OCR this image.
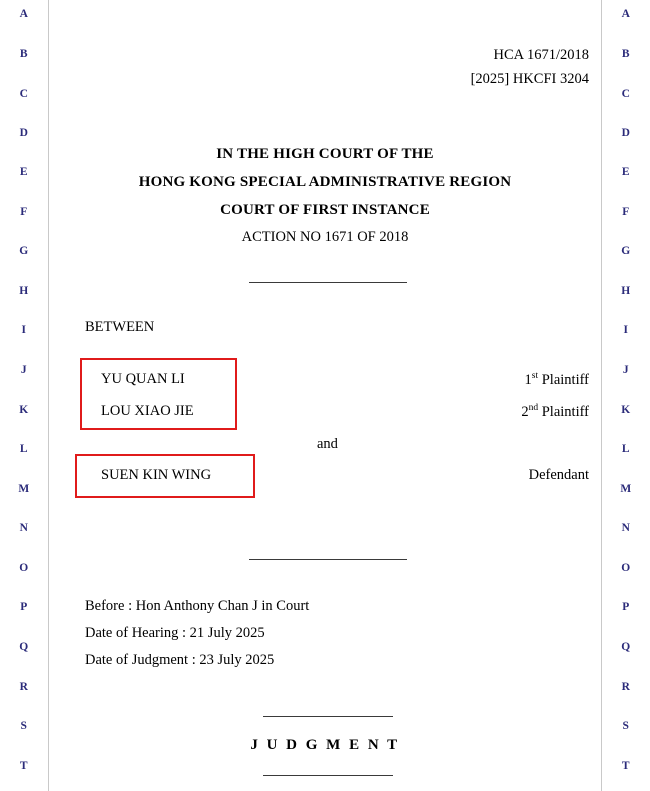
A
B
C
D
E
F
G
H
I
J
K
L
M
N
O
P
Q
R
S
T
A
B
C
D
E
F
G
H
I
J
K
L
M
N
O
P
Q
R
S
T
HCA 1671/2018
[2025] HKCFI 3204
IN THE HIGH COURT OF THE
HONG KONG SPECIAL ADMINISTRATIVE REGION
COURT OF FIRST INSTANCE
ACTION NO 1671 OF 2018
BETWEEN
YU QUAN LI
LOU XIAO JIE
SUEN KIN WING
1st Plaintiff
2nd Plaintiff
Defendant
and
Before : Hon Anthony Chan J in Court
Date of Hearing : 21 July 2025
Date of Judgment : 23 July 2025
J U D G M E N T
